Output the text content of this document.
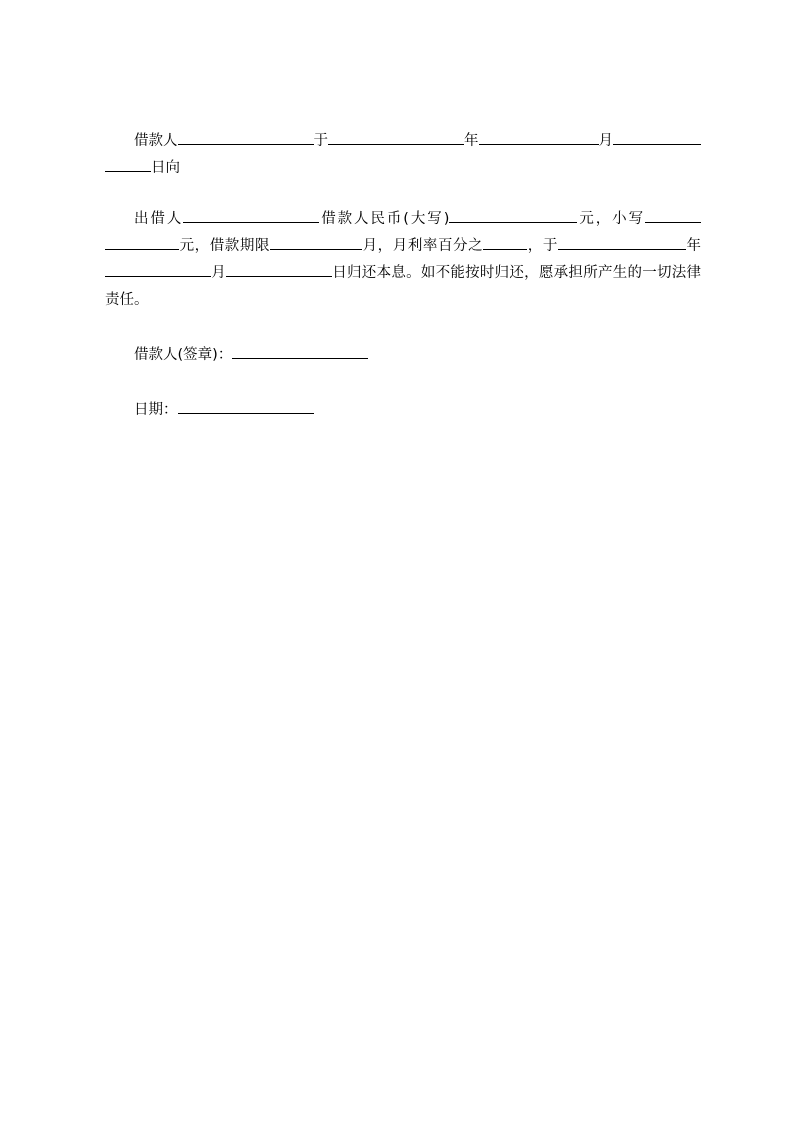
借款人	于	年	月日向

出借人	借款人民币(大写)	元，小写元，借款期限	月，月利率百分之	，于	年月	日归还本息。如不能按时归还，愿承担所产生的一切法律责任。

借款人(签章)：

日期：
